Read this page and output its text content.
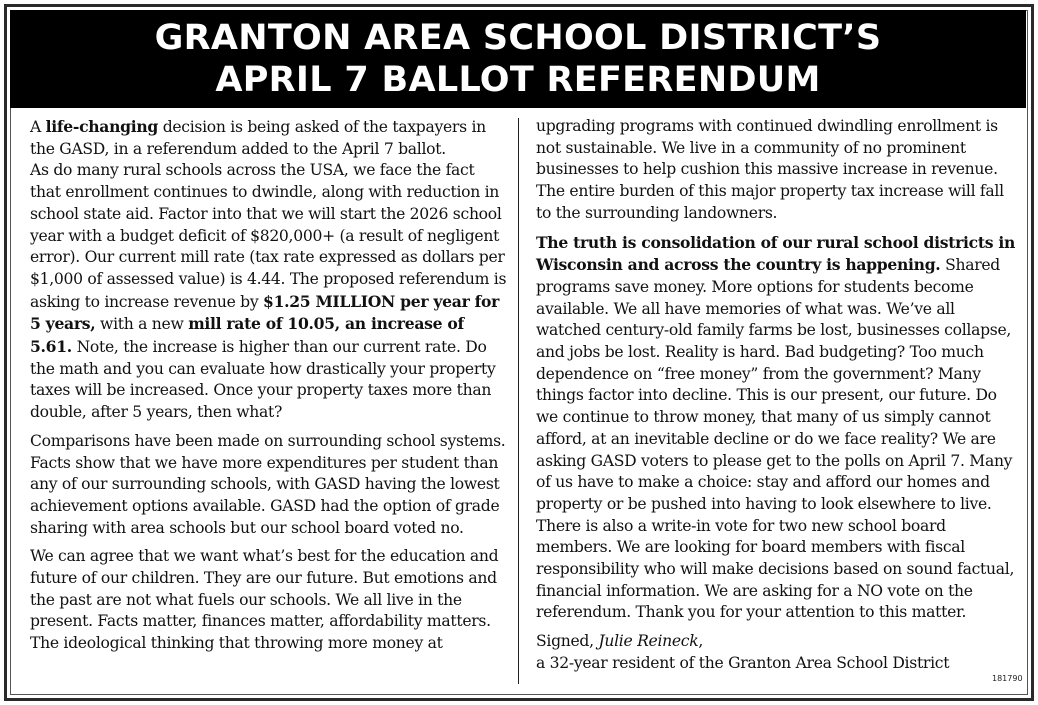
GRANTON AREA SCHOOL DISTRICT’S
APRIL 7 BALLOT REFERENDUM
A life-changing decision is being asked of the taxpayers in the GASD, in a referendum added to the April 7 ballot.
As do many rural schools across the USA, we face the fact that enrollment continues to dwindle, along with reduction in school state aid. Factor into that we will start the 2026 school year with a budget deficit of $820,000+ (a result of negligent error). Our current mill rate (tax rate expressed as dollars per $1,000 of assessed value) is 4.44. The proposed referendum is asking to increase revenue by $1.25 MILLION per year for 5 years, with a new mill rate of 10.05, an increase of 5.61. Note, the increase is higher than our current rate. Do the math and you can evaluate how drastically your property taxes will be increased. Once your property taxes more than double, after 5 years, then what?
Comparisons have been made on surrounding school systems. Facts show that we have more expenditures per student than any of our surrounding schools, with GASD having the lowest achievement options available. GASD had the option of grade sharing with area schools but our school board voted no.
We can agree that we want what’s best for the education and future of our children. They are our future. But emotions and the past are not what fuels our schools. We all live in the present. Facts matter, finances matter, affordability matters. The ideological thinking that throwing more money at
upgrading programs with continued dwindling enrollment is not sustainable. We live in a community of no prominent businesses to help cushion this massive increase in revenue. The entire burden of this major property tax increase will fall to the surrounding landowners.
The truth is consolidation of our rural school districts in Wisconsin and across the country is happening. Shared programs save money. More options for students become available. We all have memories of what was. We’ve all watched century-old family farms be lost, businesses collapse, and jobs be lost. Reality is hard. Bad budgeting? Too much dependence on “free money” from the government? Many things factor into decline. This is our present, our future. Do we continue to throw money, that many of us simply cannot afford, at an inevitable decline or do we face reality? We are asking GASD voters to please get to the polls on April 7. Many of us have to make a choice: stay and afford our homes and property or be pushed into having to look elsewhere to live. There is also a write-in vote for two new school board members. We are looking for board members with fiscal responsibility who will make decisions based on sound factual, financial information. We are asking for a NO vote on the referendum. Thank you for your attention to this matter.
Signed, Julie Reineck,
a 32-year resident of the Granton Area School District
181790
